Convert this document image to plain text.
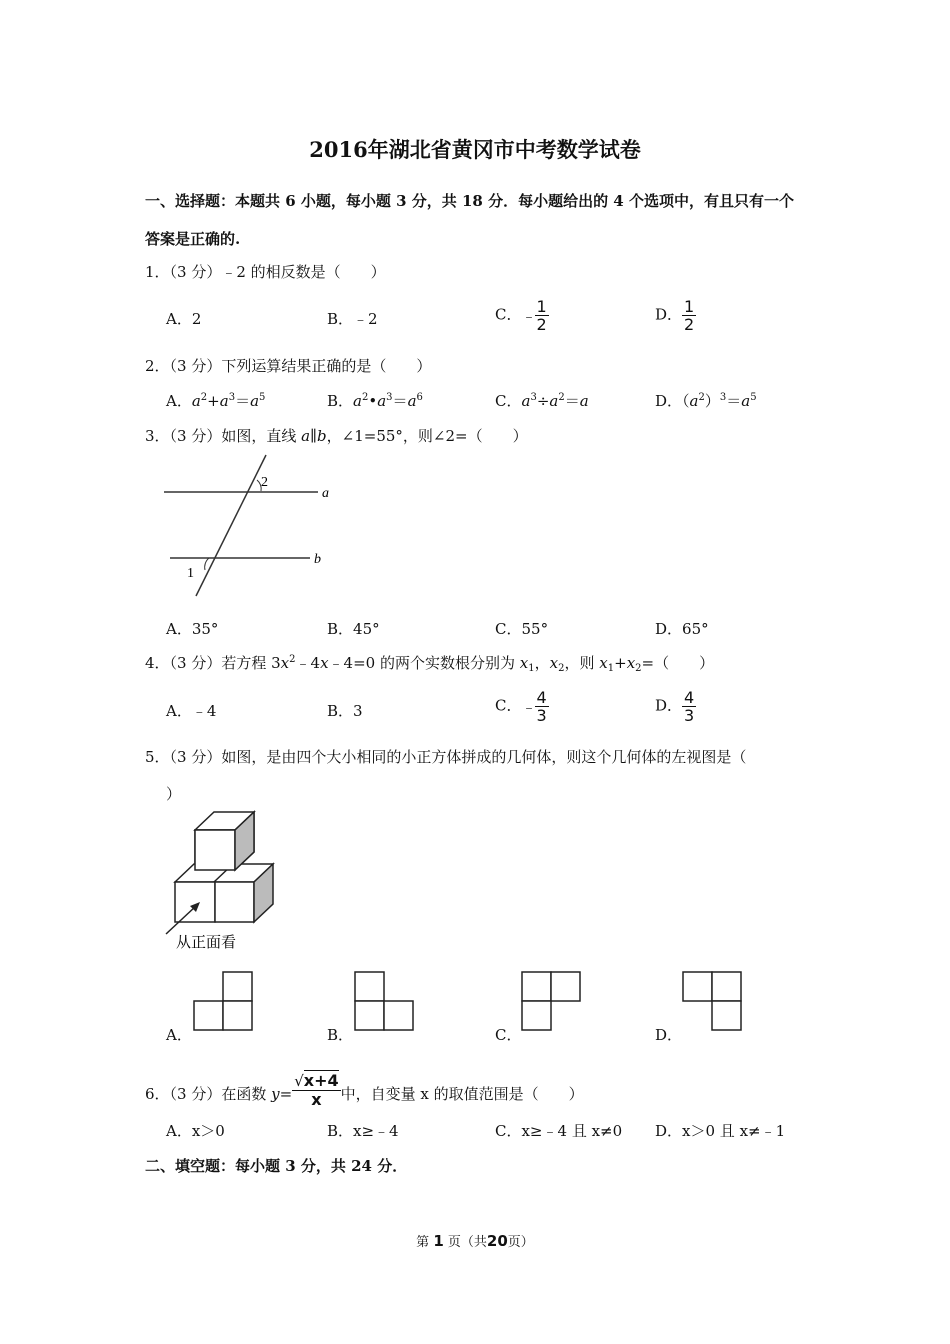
2016年湖北省黄冈市中考数学试卷
一、选择题：本题共 6 小题，每小题 3 分，共 18 分．每小题给出的 4 个选项中，有且只有一个
答案是正确的.
1．（3 分）﹣2 的相反数是（　　）
A．2	B．﹣2	C．﹣
$\frac{1}{2}$	D． $\frac{1}{2}$
2．（3 分）下列运算结果正确的是（　　）
A．$a^2+a^3=a^5$	B．$a^2•a^3=a^6$	C．$a^3\div a^2=a$	D．$(a^2)^3=a^5$
3．（3 分）如图，直线 a∥b，∠1=55°，则∠2=（　　）
2
1
a
b
A．35°	B．45°	C．55°	D．65°
4．（3 分）若方程 $3x^2﹣4x﹣4=0$ 的两个实数根分别为 $x_1$，$x_2$，则 $x_1+x_2=$（　　）
A．﹣4	B．3	C．﹣
$\frac{4}{3}$	D． $\frac{4}{3}$
5．（3 分）如图，是由四个大小相同的小正方体拼成的几何体，则这个几何体的左视图是（
）
从正面看
A．	B．	C．	D．
6．（3 分）在函数 $y= \frac{√x+4}{x}$ 中，自变量 x 的取值范围是（　　）
A．x＞0	B．x≥﹣4	C．x≥﹣4 且 x≠0 D．x＞0 且 x≠﹣1
二、填空题：每小题 3 分，共 24 分．
第 1 页（共20页）
